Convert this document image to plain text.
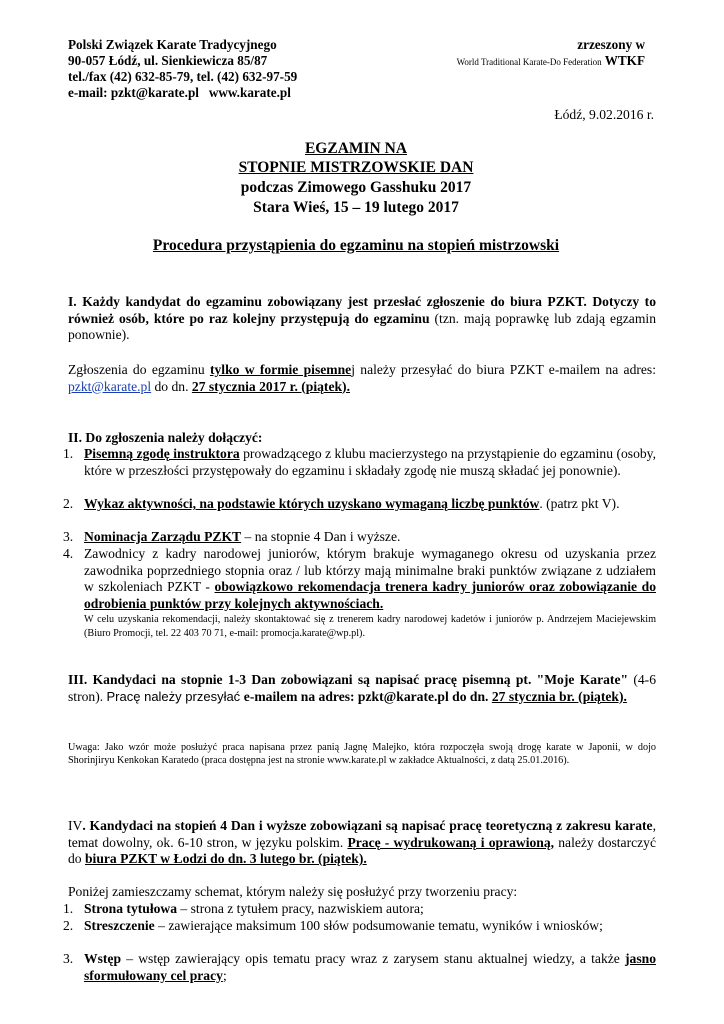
Polski Związek Karate Tradycyjnego
90-057 Łódź, ul. Sienkiewicza 85/87
tel./fax (42) 632-85-79, tel. (42) 632-97-59
e-mail: pzkt@karate.pl www.karate.pl
zrzeszony w
World Traditional Karate-Do Federation WTKF
Łódź, 9.02.2016 r.
EGZAMIN NA
STOPNIE MISTRZOWSKIE DAN
podczas Zimowego Gasshuku 2017
Stara Wieś, 15 – 19 lutego 2017
Procedura przystąpienia do egzaminu na stopień mistrzowski
I. Każdy kandydat do egzaminu zobowiązany jest przesłać zgłoszenie do biura PZKT. Dotyczy to również osób, które po raz kolejny przystępują do egzaminu (tzn. mają poprawkę lub zdają egzamin ponownie).
Zgłoszenia do egzaminu tylko w formie pisemnej należy przesyłać do biura PZKT e-mailem na adres: pzkt@karate.pl do dn. 27 stycznia 2017 r. (piątek).
II. Do zgłoszenia należy dołączyć:
1. Pisemną zgodę instruktora prowadzącego z klubu macierzystego na przystąpienie do egzaminu (osoby, które w przeszłości przystępowały do egzaminu i składały zgodę nie muszą składać jej ponownie).
2. Wykaz aktywności, na podstawie których uzyskano wymaganą liczbę punktów. (patrz pkt V).
3. Nominacja Zarządu PZKT – na stopnie 4 Dan i wyższe.
4. Zawodnicy z kadry narodowej juniorów, którym brakuje wymaganego okresu od uzyskania przez zawodnika poprzedniego stopnia oraz / lub którzy mają minimalne braki punktów związane z udziałem w szkoleniach PZKT - obowiązkowo rekomendacja trenera kadry juniorów oraz zobowiązanie do odrobienia punktów przy kolejnych aktywnościach.
W celu uzyskania rekomendacji, należy skontaktować się z trenerem kadry narodowej kadetów i juniorów p. Andrzejem Maciejewskim (Biuro Promocji, tel. 22 403 70 71, e-mail: promocja.karate@wp.pl).
III. Kandydaci na stopnie 1-3 Dan zobowiązani są napisać pracę pisemną pt. "Moje Karate" (4-6 stron). Pracę należy przesyłać e-mailem na adres: pzkt@karate.pl do dn. 27 stycznia br. (piątek).
Uwaga: Jako wzór może posłużyć praca napisana przez panią Jagnę Malejko, która rozpoczęła swoją drogę karate w Japonii, w dojo Shorinjiryu Kenkokan Karatedo (praca dostępna jest na stronie www.karate.pl w zakładce Aktualności, z datą 25.01.2016).
IV. Kandydaci na stopień 4 Dan i wyższe zobowiązani są napisać pracę teoretyczną z zakresu karate, temat dowolny, ok. 6-10 stron, w języku polskim. Pracę - wydrukowaną i oprawioną, należy dostarczyć do biura PZKT w Łodzi do dn. 3 lutego br. (piątek).
Poniżej zamieszczamy schemat, którym należy się posłużyć przy tworzeniu pracy:
1. Strona tytułowa – strona z tytułem pracy, nazwiskiem autora;
2. Streszczenie – zawierające maksimum 100 słów podsumowanie tematu, wyników i wniosków;
3. Wstęp – wstęp zawierający opis tematu pracy wraz z zarysem stanu aktualnej wiedzy, a także jasno sformułowany cel pracy;
